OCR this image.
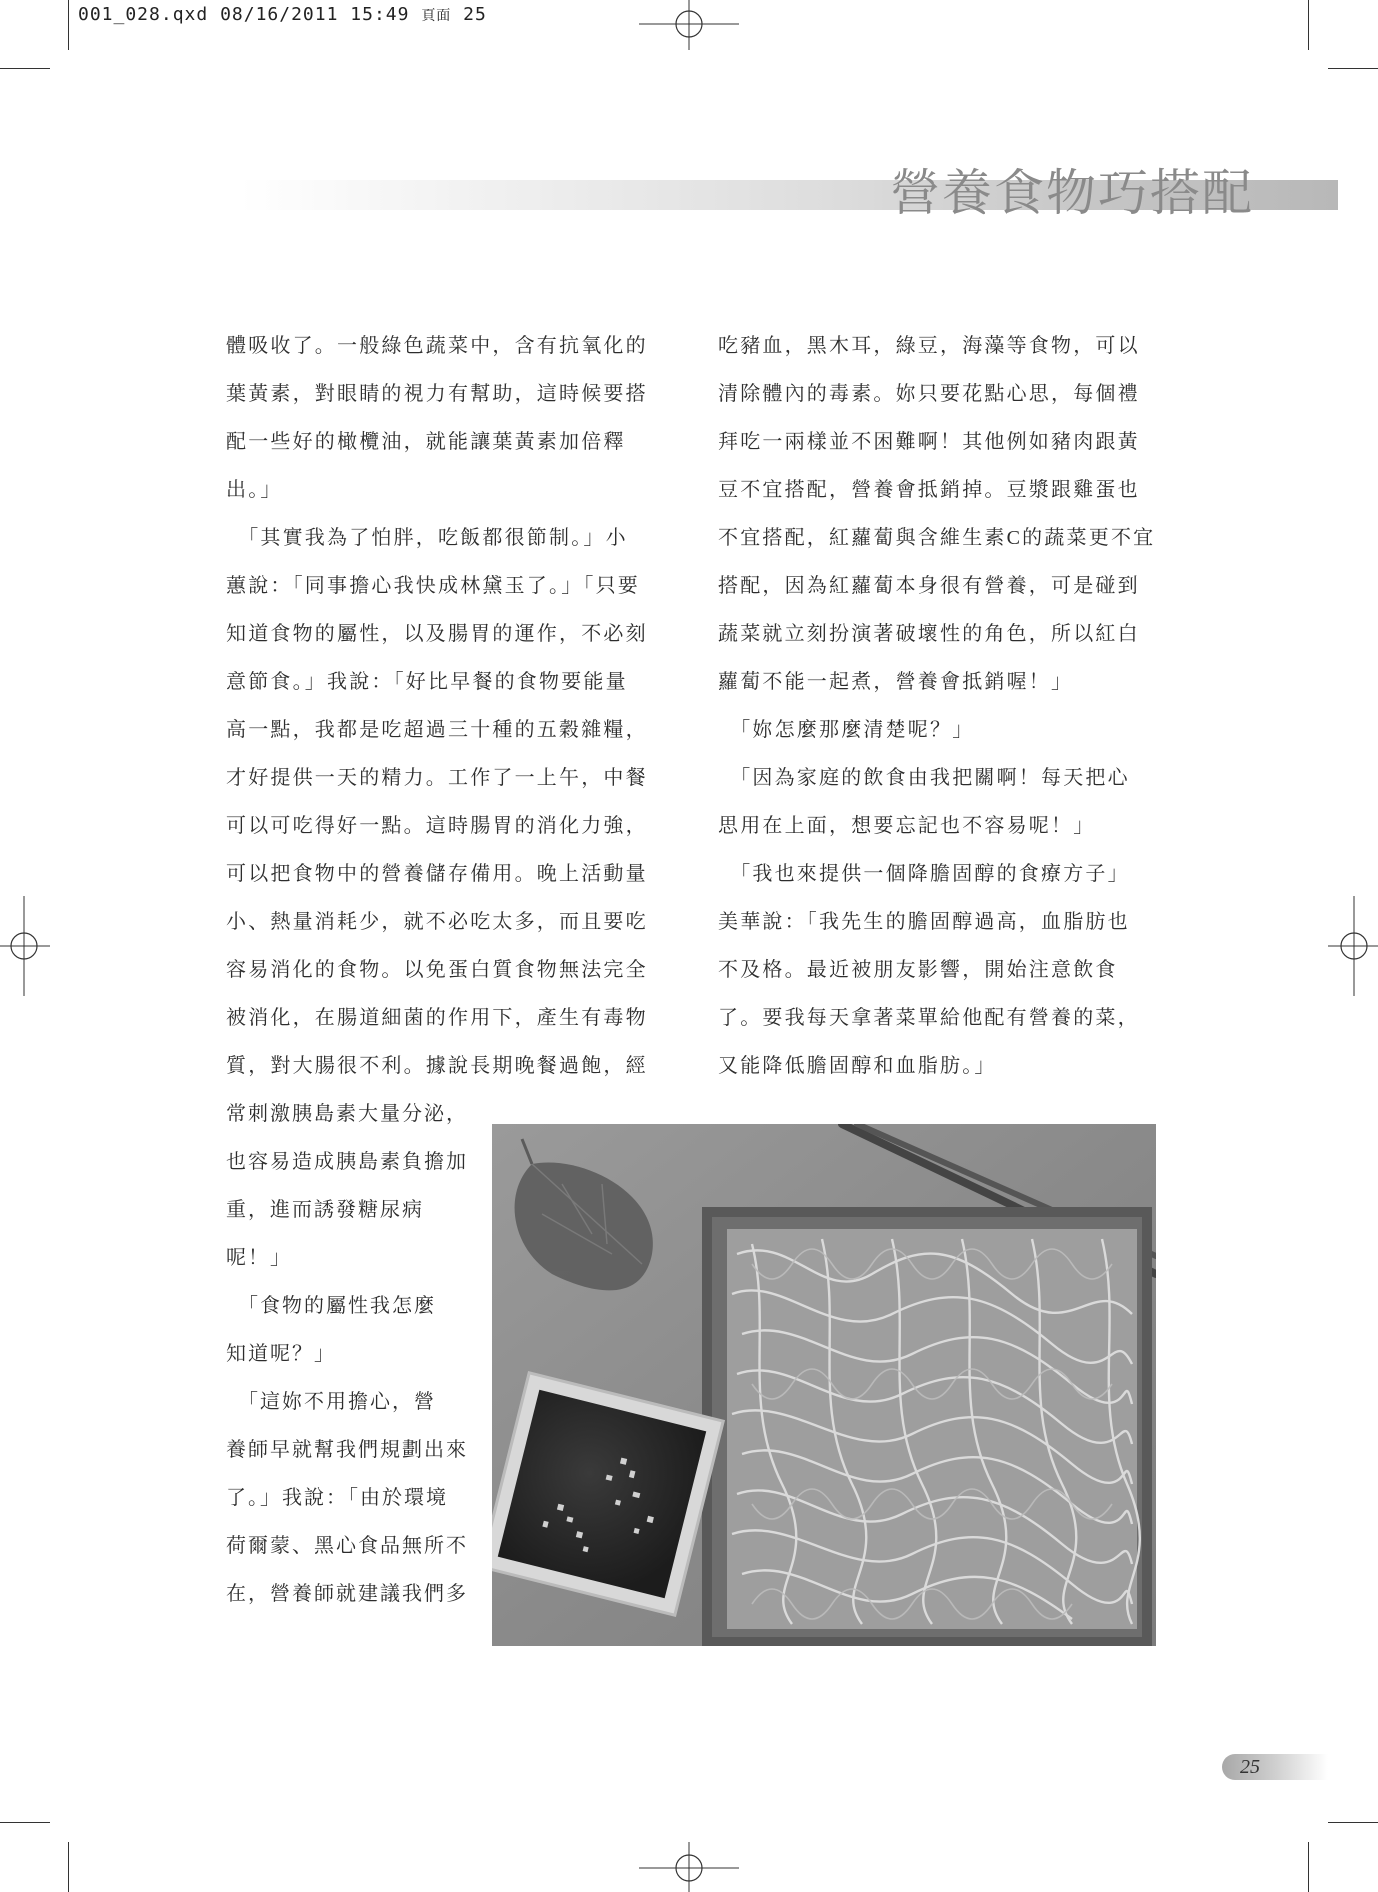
001_028.qxd 08/16/2011 15:49 頁面 25
營養食物巧搭配

體吸收了。一般綠色蔬菜中，含有抗氧化的

葉黃素，對眼睛的視力有幫助，這時候要搭

配一些好的橄欖油，就能讓葉黃素加倍釋

出。」

　「其實我為了怕胖，吃飯都很節制。」小

蕙說：「同事擔心我快成林黛玉了。」「只要

知道食物的屬性，以及腸胃的運作，不必刻

意節食。」我說：「好比早餐的食物要能量

高一點，我都是吃超過三十種的五穀雜糧，

才好提供一天的精力。工作了一上午，中餐

可以可吃得好一點。這時腸胃的消化力強，

可以把食物中的營養儲存備用。晚上活動量

小、熱量消耗少，就不必吃太多，而且要吃

容易消化的食物。以免蛋白質食物無法完全

被消化，在腸道細菌的作用下，產生有毒物

質，對大腸很不利。據說長期晚餐過飽，經

吃豬血，黑木耳，綠豆，海藻等食物，可以

清除體內的毒素。妳只要花點心思，每個禮

拜吃一兩樣並不困難啊！其他例如豬肉跟黃

豆不宜搭配，營養會抵銷掉。豆漿跟雞蛋也

不宜搭配，紅蘿蔔與含維生素C的蔬菜更不宜

搭配，因為紅蘿蔔本身很有營養，可是碰到

蔬菜就立刻扮演著破壞性的角色，所以紅白

蘿蔔不能一起煮，營養會抵銷喔！」

　「妳怎麼那麼清楚呢？」

　「因為家庭的飲食由我把關啊！每天把心

思用在上面，想要忘記也不容易呢！」

　「我也來提供一個降膽固醇的食療方子」

美華說：「我先生的膽固醇過高，血脂肪也

不及格。最近被朋友影響，開始注意飲食

了。要我每天拿著菜單給他配有營養的菜，

又能降低膽固醇和血脂肪。」

常刺激胰島素大量分泌，

也容易造成胰島素負擔加

重，進而誘發糖尿病

呢！」

　「食物的屬性我怎麼

知道呢？」

　「這妳不用擔心，營

養師早就幫我們規劃出來

了。」我說：「由於環境

荷爾蒙、黑心食品無所不

在，營養師就建議我們多

25
